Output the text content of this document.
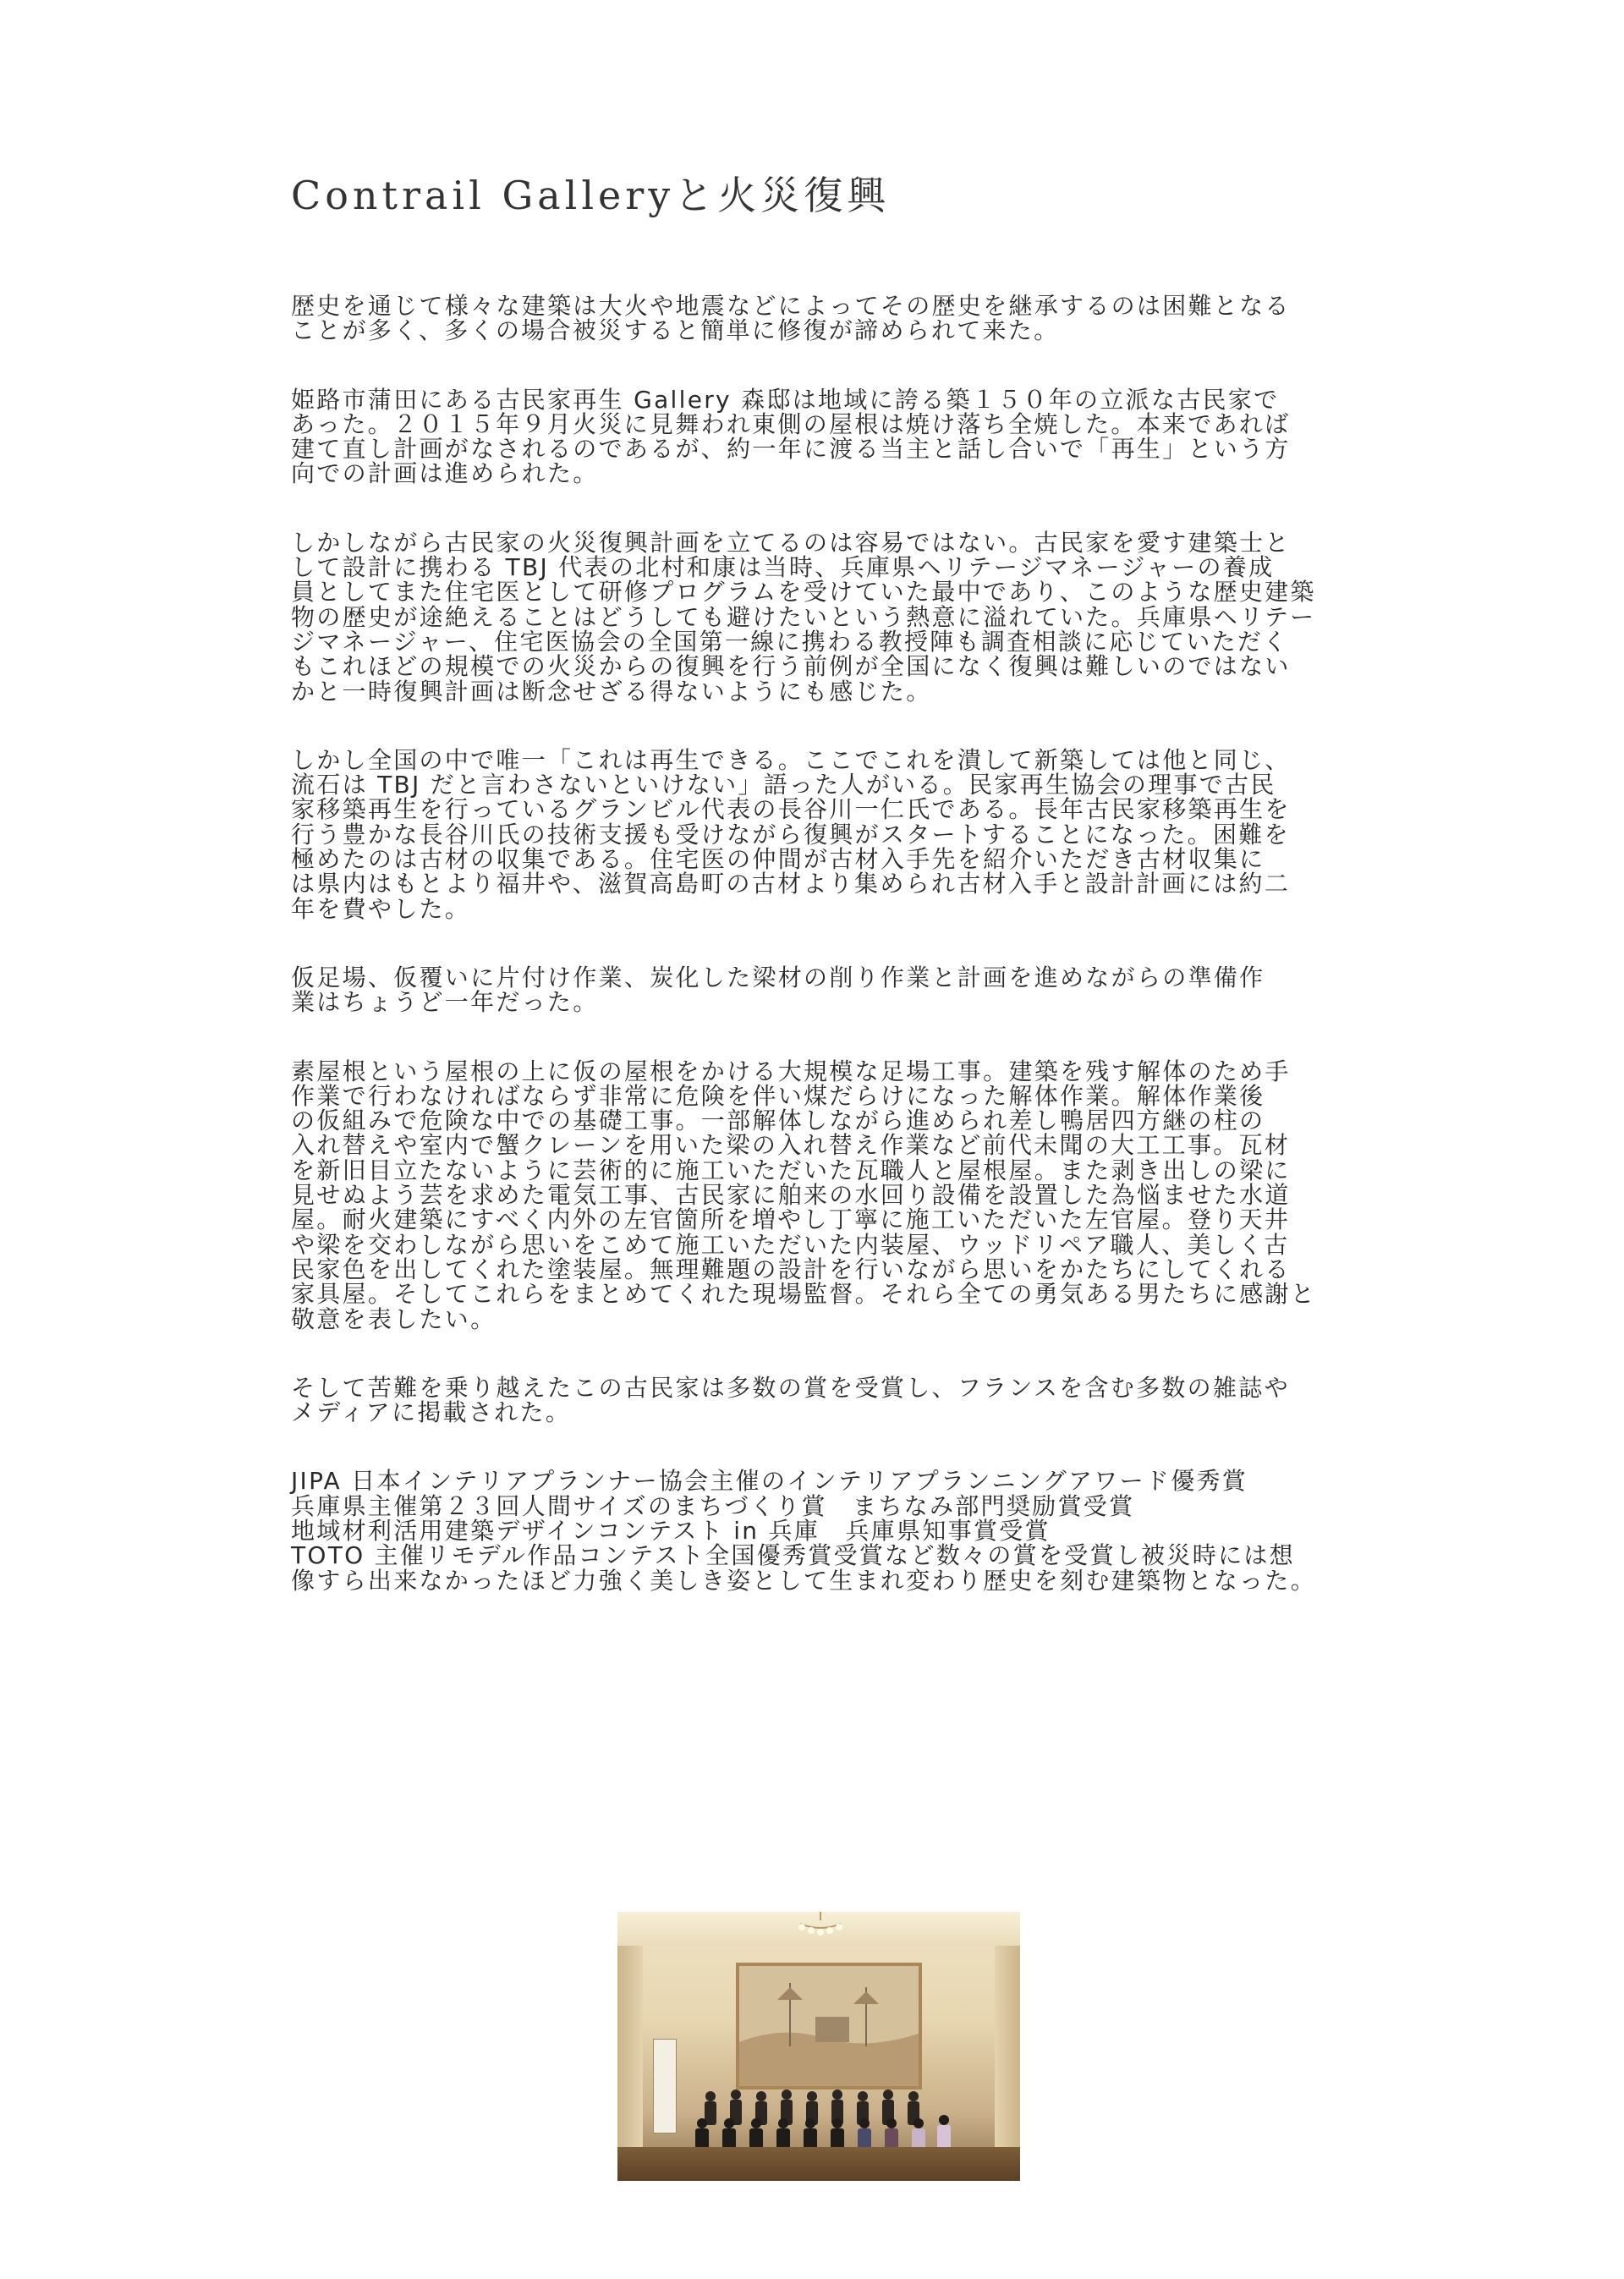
Contrail Galleryと火災復興

歴史を通じて様々な建築は大火や地震などによってその歴史を継承するのは困難となる
ことが多く、多くの場合被災すると簡単に修復が諦められて来た。

姫路市蒲田にある古民家再生 Gallery 森邸は地域に誇る築１５０年の立派な古民家で
あった。２０１５年９月火災に見舞われ東側の屋根は焼け落ち全焼した。本来であれば
建て直し計画がなされるのであるが、約一年に渡る当主と話し合いで「再生」という方
向での計画は進められた。

しかしながら古民家の火災復興計画を立てるのは容易ではない。古民家を愛す建築士と
して設計に携わる TBJ 代表の北村和康は当時、兵庫県ヘリテージマネージャーの養成
員としてまた住宅医として研修プログラムを受けていた最中であり、このような歴史建築
物の歴史が途絶えることはどうしても避けたいという熱意に溢れていた。兵庫県ヘリテー
ジマネージャー、住宅医協会の全国第一線に携わる教授陣も調査相談に応じていただく
もこれほどの規模での火災からの復興を行う前例が全国になく復興は難しいのではない
かと一時復興計画は断念せざる得ないようにも感じた。

しかし全国の中で唯一「これは再生できる。ここでこれを潰して新築しては他と同じ、
流石は TBJ だと言わさないといけない」語った人がいる。民家再生協会の理事で古民
家移築再生を行っているグランビル代表の長谷川一仁氏である。長年古民家移築再生を
行う豊かな長谷川氏の技術支援も受けながら復興がスタートすることになった。困難を
極めたのは古材の収集である。住宅医の仲間が古材入手先を紹介いただき古材収集に
は県内はもとより福井や、滋賀高島町の古材より集められ古材入手と設計計画には約二
年を費やした。

仮足場、仮覆いに片付け作業、炭化した梁材の削り作業と計画を進めながらの準備作
業はちょうど一年だった。

素屋根という屋根の上に仮の屋根をかける大規模な足場工事。建築を残す解体のため手
作業で行わなければならず非常に危険を伴い煤だらけになった解体作業。解体作業後
の仮組みで危険な中での基礎工事。一部解体しながら進められ差し鴨居四方継の柱の
入れ替えや室内で蟹クレーンを用いた梁の入れ替え作業など前代未聞の大工工事。瓦材
を新旧目立たないように芸術的に施工いただいた瓦職人と屋根屋。また剥き出しの梁に
見せぬよう芸を求めた電気工事、古民家に舶来の水回り設備を設置した為悩ませた水道
屋。耐火建築にすべく内外の左官箇所を増やし丁寧に施工いただいた左官屋。登り天井
や梁を交わしながら思いをこめて施工いただいた内装屋、ウッドリペア職人、美しく古
民家色を出してくれた塗装屋。無理難題の設計を行いながら思いをかたちにしてくれる
家具屋。そしてこれらをまとめてくれた現場監督。それら全ての勇気ある男たちに感謝と
敬意を表したい。

そして苦難を乗り越えたこの古民家は多数の賞を受賞し、フランスを含む多数の雑誌や
メディアに掲載された。

JIPA 日本インテリアプランナー協会主催のインテリアプランニングアワード優秀賞
兵庫県主催第２３回人間サイズのまちづくり賞　まちなみ部門奨励賞受賞
地域材利活用建築デザインコンテスト in 兵庫　兵庫県知事賞受賞
TOTO 主催リモデル作品コンテスト全国優秀賞受賞など数々の賞を受賞し被災時には想
像すら出来なかったほど力強く美しき姿として生まれ変わり歴史を刻む建築物となった。
